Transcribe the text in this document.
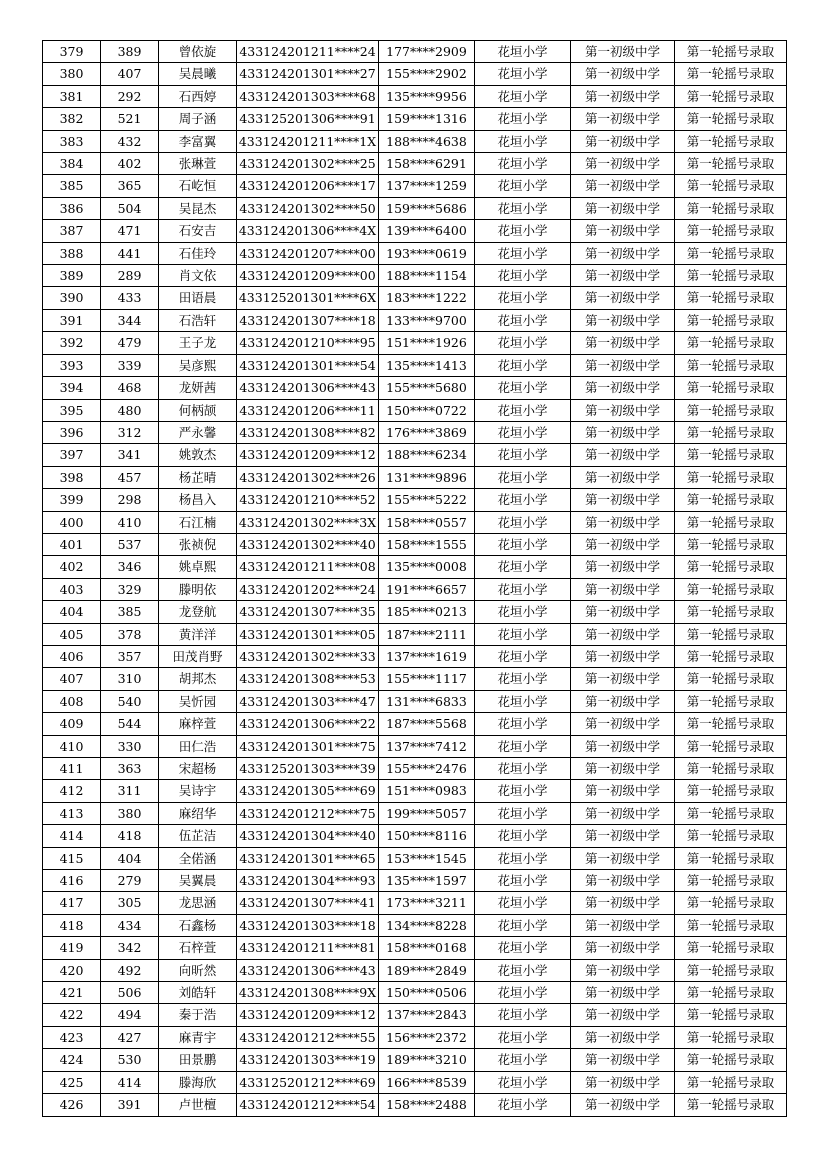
379	389	曾依旋	433124201211****24	177****2909	花垣小学	第一初级中学	第一轮摇号录取
380	407	吴晨曦	433124201301****27	155****2902	花垣小学	第一初级中学	第一轮摇号录取
381	292	石西婷	433124201303****68	135****9956	花垣小学	第一初级中学	第一轮摇号录取
382	521	周子涵	433125201306****91	159****1316	花垣小学	第一初级中学	第一轮摇号录取
383	432	李富翼	433124201211****1X	188****4638	花垣小学	第一初级中学	第一轮摇号录取
384	402	张琳萱	433124201302****25	158****6291	花垣小学	第一初级中学	第一轮摇号录取
385	365	石屹恒	433124201206****17	137****1259	花垣小学	第一初级中学	第一轮摇号录取
386	504	吴昆杰	433124201302****50	159****5686	花垣小学	第一初级中学	第一轮摇号录取
387	471	石安吉	433124201306****4X	139****6400	花垣小学	第一初级中学	第一轮摇号录取
388	441	石佳玲	433124201207****00	193****0619	花垣小学	第一初级中学	第一轮摇号录取
389	289	肖文依	433124201209****00	188****1154	花垣小学	第一初级中学	第一轮摇号录取
390	433	田语晨	433125201301****6X	183****1222	花垣小学	第一初级中学	第一轮摇号录取
391	344	石浩轩	433124201307****18	133****9700	花垣小学	第一初级中学	第一轮摇号录取
392	479	王子龙	433124201210****95	151****1926	花垣小学	第一初级中学	第一轮摇号录取
393	339	吴彦熙	433124201301****54	135****1413	花垣小学	第一初级中学	第一轮摇号录取
394	468	龙妍茜	433124201306****43	155****5680	花垣小学	第一初级中学	第一轮摇号录取
395	480	何柄颉	433124201206****11	150****0722	花垣小学	第一初级中学	第一轮摇号录取
396	312	严永馨	433124201308****82	176****3869	花垣小学	第一初级中学	第一轮摇号录取
397	341	姚敦杰	433124201209****12	188****6234	花垣小学	第一初级中学	第一轮摇号录取
398	457	杨芷晴	433124201302****26	131****9896	花垣小学	第一初级中学	第一轮摇号录取
399	298	杨昌入	433124201210****52	155****5222	花垣小学	第一初级中学	第一轮摇号录取
400	410	石江楠	433124201302****3X	158****0557	花垣小学	第一初级中学	第一轮摇号录取
401	537	张祯倪	433124201302****40	158****1555	花垣小学	第一初级中学	第一轮摇号录取
402	346	姚卓熙	433124201211****08	135****0008	花垣小学	第一初级中学	第一轮摇号录取
403	329	滕明依	433124201202****24	191****6657	花垣小学	第一初级中学	第一轮摇号录取
404	385	龙登航	433124201307****35	185****0213	花垣小学	第一初级中学	第一轮摇号录取
405	378	黄洋洋	433124201301****05	187****2111	花垣小学	第一初级中学	第一轮摇号录取
406	357	田茂肖野	433124201302****33	137****1619	花垣小学	第一初级中学	第一轮摇号录取
407	310	胡邦杰	433124201308****53	155****1117	花垣小学	第一初级中学	第一轮摇号录取
408	540	吴忻园	433124201303****47	131****6833	花垣小学	第一初级中学	第一轮摇号录取
409	544	麻梓萱	433124201306****22	187****5568	花垣小学	第一初级中学	第一轮摇号录取
410	330	田仁浩	433124201301****75	137****7412	花垣小学	第一初级中学	第一轮摇号录取
411	363	宋超杨	433125201303****39	155****2476	花垣小学	第一初级中学	第一轮摇号录取
412	311	吴诗宇	433124201305****69	151****0983	花垣小学	第一初级中学	第一轮摇号录取
413	380	麻绍华	433124201212****75	199****5057	花垣小学	第一初级中学	第一轮摇号录取
414	418	伍芷洁	433124201304****40	150****8116	花垣小学	第一初级中学	第一轮摇号录取
415	404	全偌涵	433124201301****65	153****1545	花垣小学	第一初级中学	第一轮摇号录取
416	279	吴翼晨	433124201304****93	135****1597	花垣小学	第一初级中学	第一轮摇号录取
417	305	龙思涵	433124201307****41	173****3211	花垣小学	第一初级中学	第一轮摇号录取
418	434	石鑫杨	433124201303****18	134****8228	花垣小学	第一初级中学	第一轮摇号录取
419	342	石梓萱	433124201211****81	158****0168	花垣小学	第一初级中学	第一轮摇号录取
420	492	向昕然	433124201306****43	189****2849	花垣小学	第一初级中学	第一轮摇号录取
421	506	刘皓轩	433124201308****9X	150****0506	花垣小学	第一初级中学	第一轮摇号录取
422	494	秦于浩	433124201209****12	137****2843	花垣小学	第一初级中学	第一轮摇号录取
423	427	麻青宇	433124201212****55	156****2372	花垣小学	第一初级中学	第一轮摇号录取
424	530	田景鹏	433124201303****19	189****3210	花垣小学	第一初级中学	第一轮摇号录取
425	414	滕海欣	433125201212****69	166****8539	花垣小学	第一初级中学	第一轮摇号录取
426	391	卢世檀	433124201212****54	158****2488	花垣小学	第一初级中学	第一轮摇号录取
